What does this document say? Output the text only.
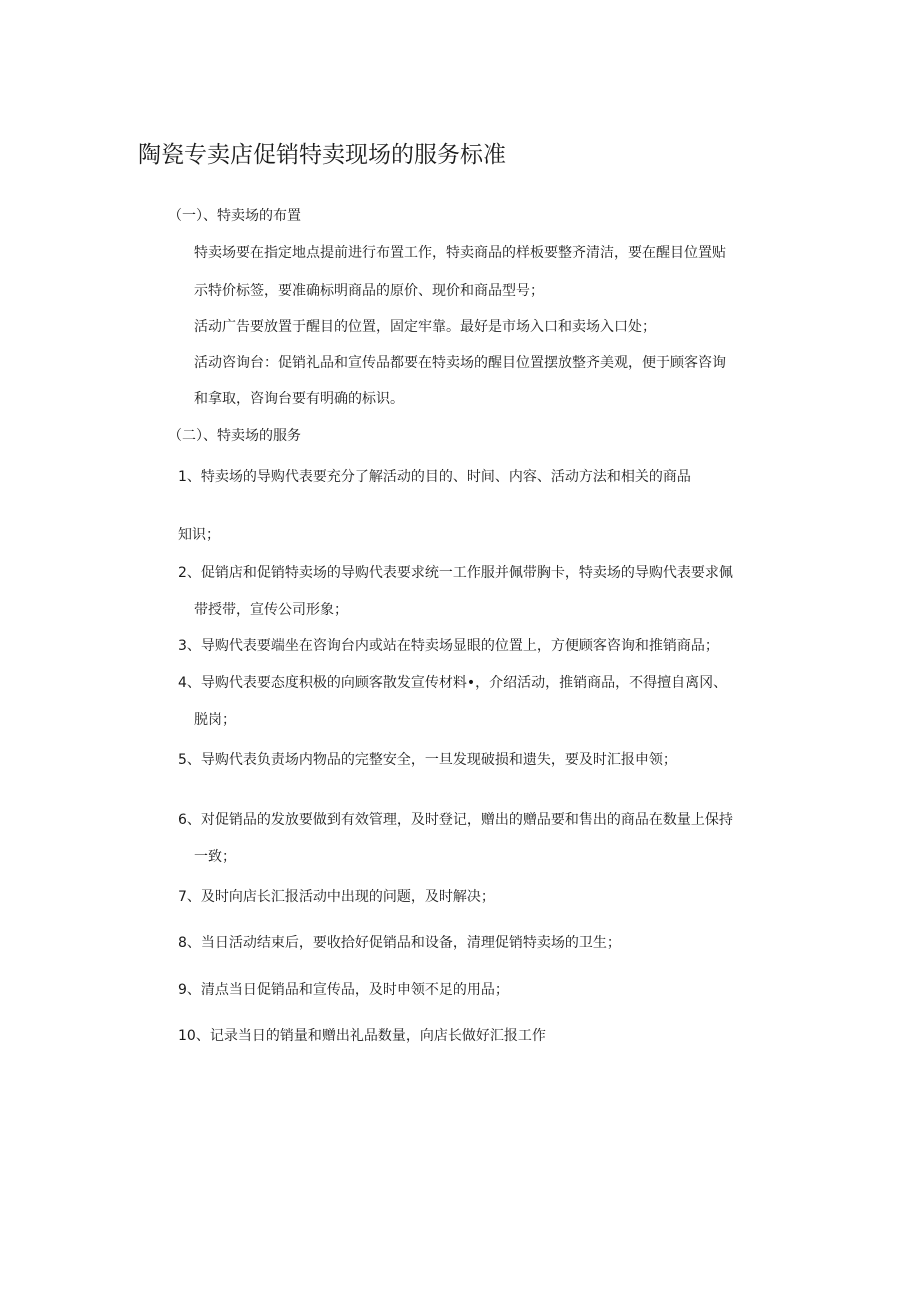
陶瓷专卖店促销特卖现场的服务标准

（一）、特卖场的布置

特卖场要在指定地点提前进行布置工作，特卖商品的样板要整齐清洁，要在醒目位置贴

示特价标签，要准确标明商品的原价、现价和商品型号；

活动广告要放置于醒目的位置，固定牢靠。最好是市场入口和卖场入口处；

活动咨询台：促销礼品和宣传品都要在特卖场的醒目位置摆放整齐美观，便于顾客咨询

和拿取，咨询台要有明确的标识。

（二）、特卖场的服务

1、特卖场的导购代表要充分了解活动的目的、时间、内容、活动方法和相关的商品

知识；

2、促销店和促销特卖场的导购代表要求统一工作服并佩带胸卡，特卖场的导购代表要求佩

带授带，宣传公司形象；

3、导购代表要端坐在咨询台内或站在特卖场显眼的位置上，方便顾客咨询和推销商品；

4、导购代表要态度积极的向顾客散发宣传材料•，介绍活动，推销商品，不得擅自离冈、

脱岗；

5、导购代表负责场内物品的完整安全，一旦发现破损和遗失，要及时汇报申领；

6、对促销品的发放要做到有效管理，及时登记，赠出的赠品要和售出的商品在数量上保持

一致；

7、及时向店长汇报活动中出现的问题，及时解决；

8、当日活动结束后，要收拾好促销品和设备，清理促销特卖场的卫生；

9、清点当日促销品和宣传品，及时申领不足的用品；

10、记录当日的销量和赠出礼品数量，向店长做好汇报工作
